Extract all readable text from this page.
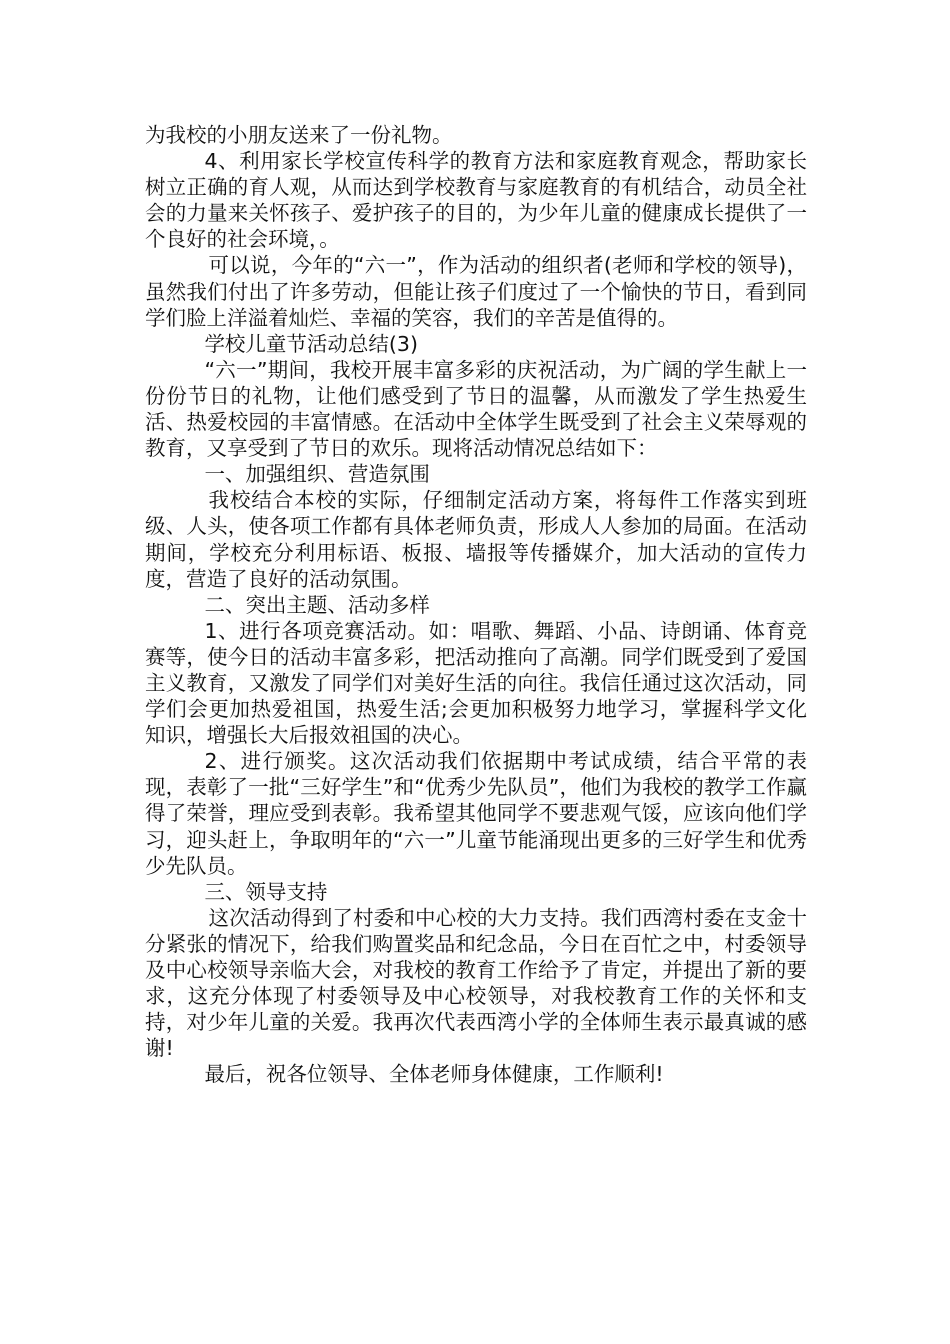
为我校的小朋友送来了一份礼物。

4、利用家长学校宣传科学的教育方法和家庭教育观念，帮助家长树立正确的育人观，从而达到学校教育与家庭教育的有机结合，动员全社会的力量来关怀孩子、爱护孩子的目的，为少年儿童的健康成长提供了一个良好的社会环境，。

可以说，今年的“六一”，作为活动的组织者(老师和学校的领导)，虽然我们付出了许多劳动，但能让孩子们度过了一个愉快的节日，看到同学们脸上洋溢着灿烂、幸福的笑容，我们的辛苦是值得的。

学校儿童节活动总结(3)

“六一”期间，我校开展丰富多彩的庆祝活动，为广阔的学生献上一份份节日的礼物，让他们感受到了节日的温馨，从而激发了学生热爱生活、热爱校园的丰富情感。在活动中全体学生既受到了社会主义荣辱观的教育，又享受到了节日的欢乐。现将活动情况总结如下：

一、加强组织、营造氛围

我校结合本校的实际，仔细制定活动方案，将每件工作落实到班级、人头，使各项工作都有具体老师负责，形成人人参加的局面。在活动期间，学校充分利用标语、板报、墙报等传播媒介，加大活动的宣传力度，营造了良好的活动氛围。

二、突出主题、活动多样

1、进行各项竞赛活动。如：唱歌、舞蹈、小品、诗朗诵、体育竞赛等，使今日的活动丰富多彩，把活动推向了高潮。同学们既受到了爱国主义教育，又激发了同学们对美好生活的向往。我信任通过这次活动，同学们会更加热爱祖国，热爱生活;会更加积极努力地学习，掌握科学文化知识，增强长大后报效祖国的决心。

2、进行颁奖。这次活动我们依据期中考试成绩，结合平常的表现，表彰了一批“三好学生”和“优秀少先队员”，他们为我校的教学工作赢得了荣誉，理应受到表彰。我希望其他同学不要悲观气馁，应该向他们学习，迎头赶上，争取明年的“六一”儿童节能涌现出更多的三好学生和优秀少先队员。

三、领导支持

这次活动得到了村委和中心校的大力支持。我们西湾村委在支金十分紧张的情况下，给我们购置奖品和纪念品，今日在百忙之中，村委领导及中心校领导亲临大会，对我校的教育工作给予了肯定，并提出了新的要求，这充分体现了村委领导及中心校领导，对我校教育工作的关怀和支持，对少年儿童的关爱。我再次代表西湾小学的全体师生表示最真诚的感谢!

最后，祝各位领导、全体老师身体健康，工作顺利!
